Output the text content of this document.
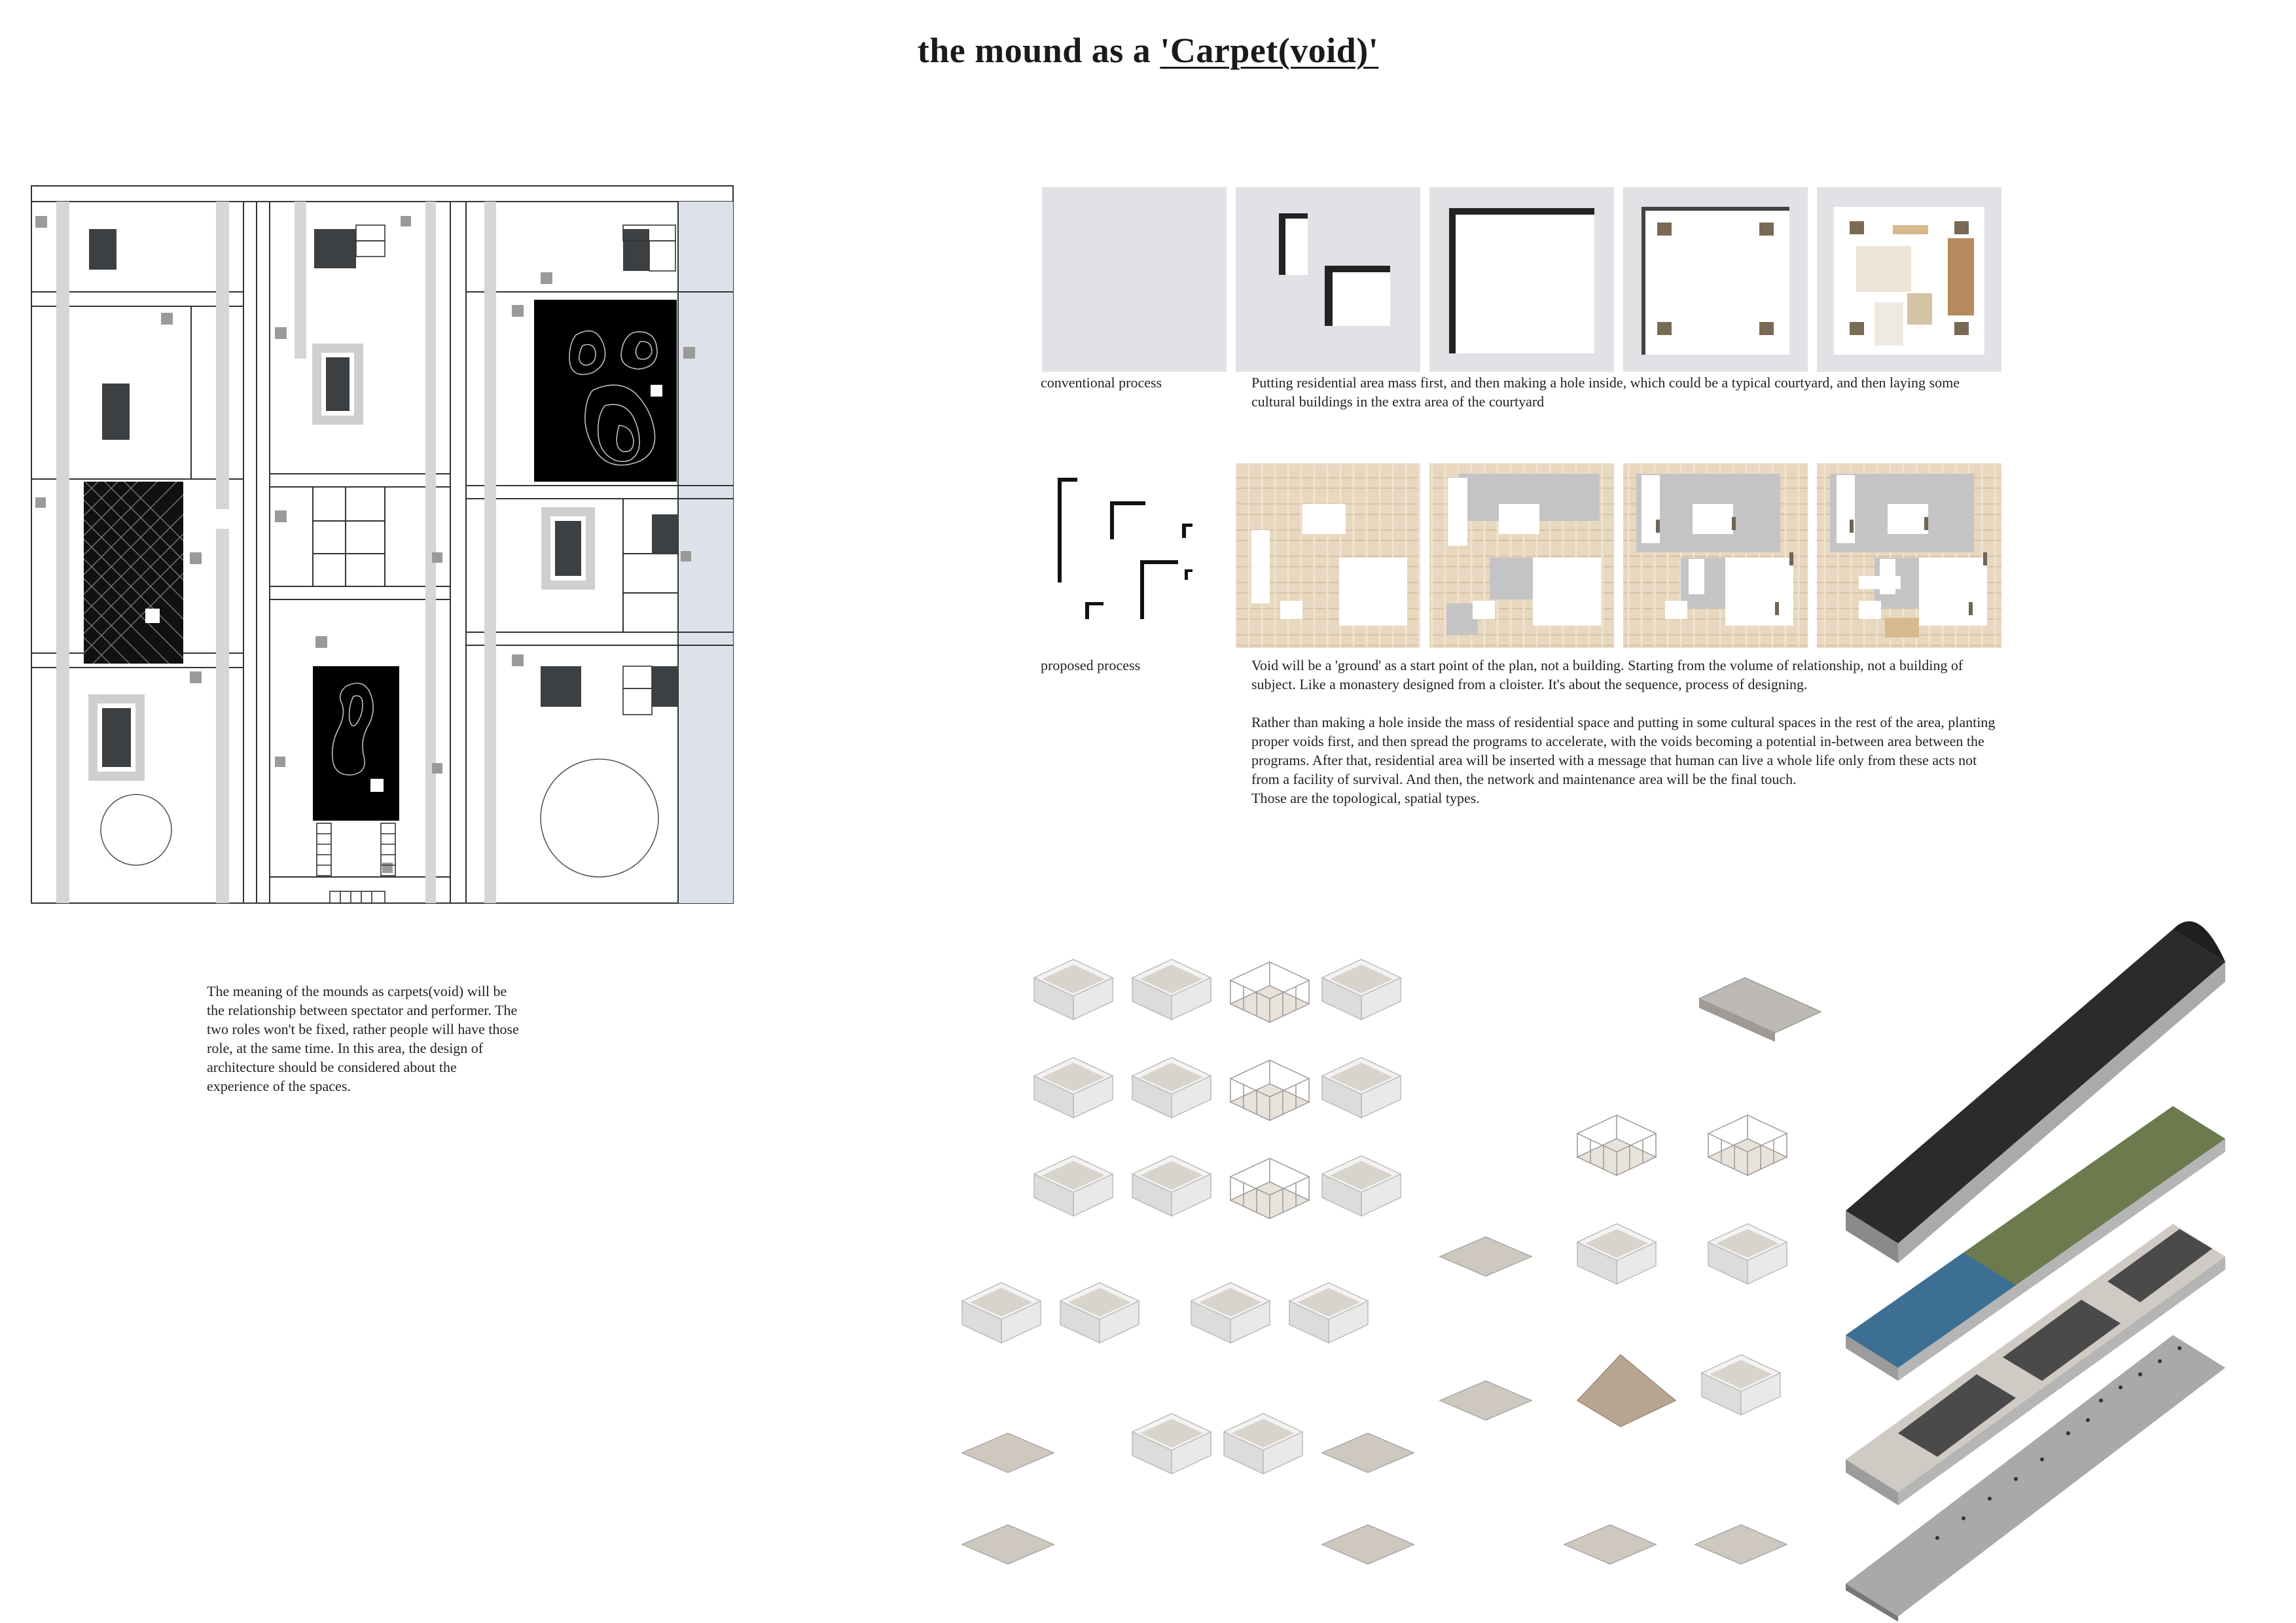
the mound as a 'Carpet(void)'
conventional process	Putting residential area mass first, and then making a hole inside, which could be a typical courtyard, and then laying some cultural buildings in the extra area of the courtyard
proposed process	Void will be a 'ground' as a start point of the plan, not a building. Starting from the volume of relationship, not a building of subject. Like a monastery designed from a cloister. It's about the sequence, process of designing.

Rather than making a hole inside the mass of residential space and putting in some cultural spaces in the rest of the area, planting proper voids first, and then spread the programs to accelerate, with the voids becoming a potential in-between area between the programs. After that, residential area will be inserted with a message that human can live a whole life only from these acts not from a facility of survival. And then, the network and maintenance area will be the final touch.
Those are the topological, spatial types.

The meaning of the mounds as carpets(void) will be the relationship between spectator and performer. The two roles won't be fixed, rather people will have those role, at the same time. In this area, the design of architecture should be considered about the experience of the spaces.
